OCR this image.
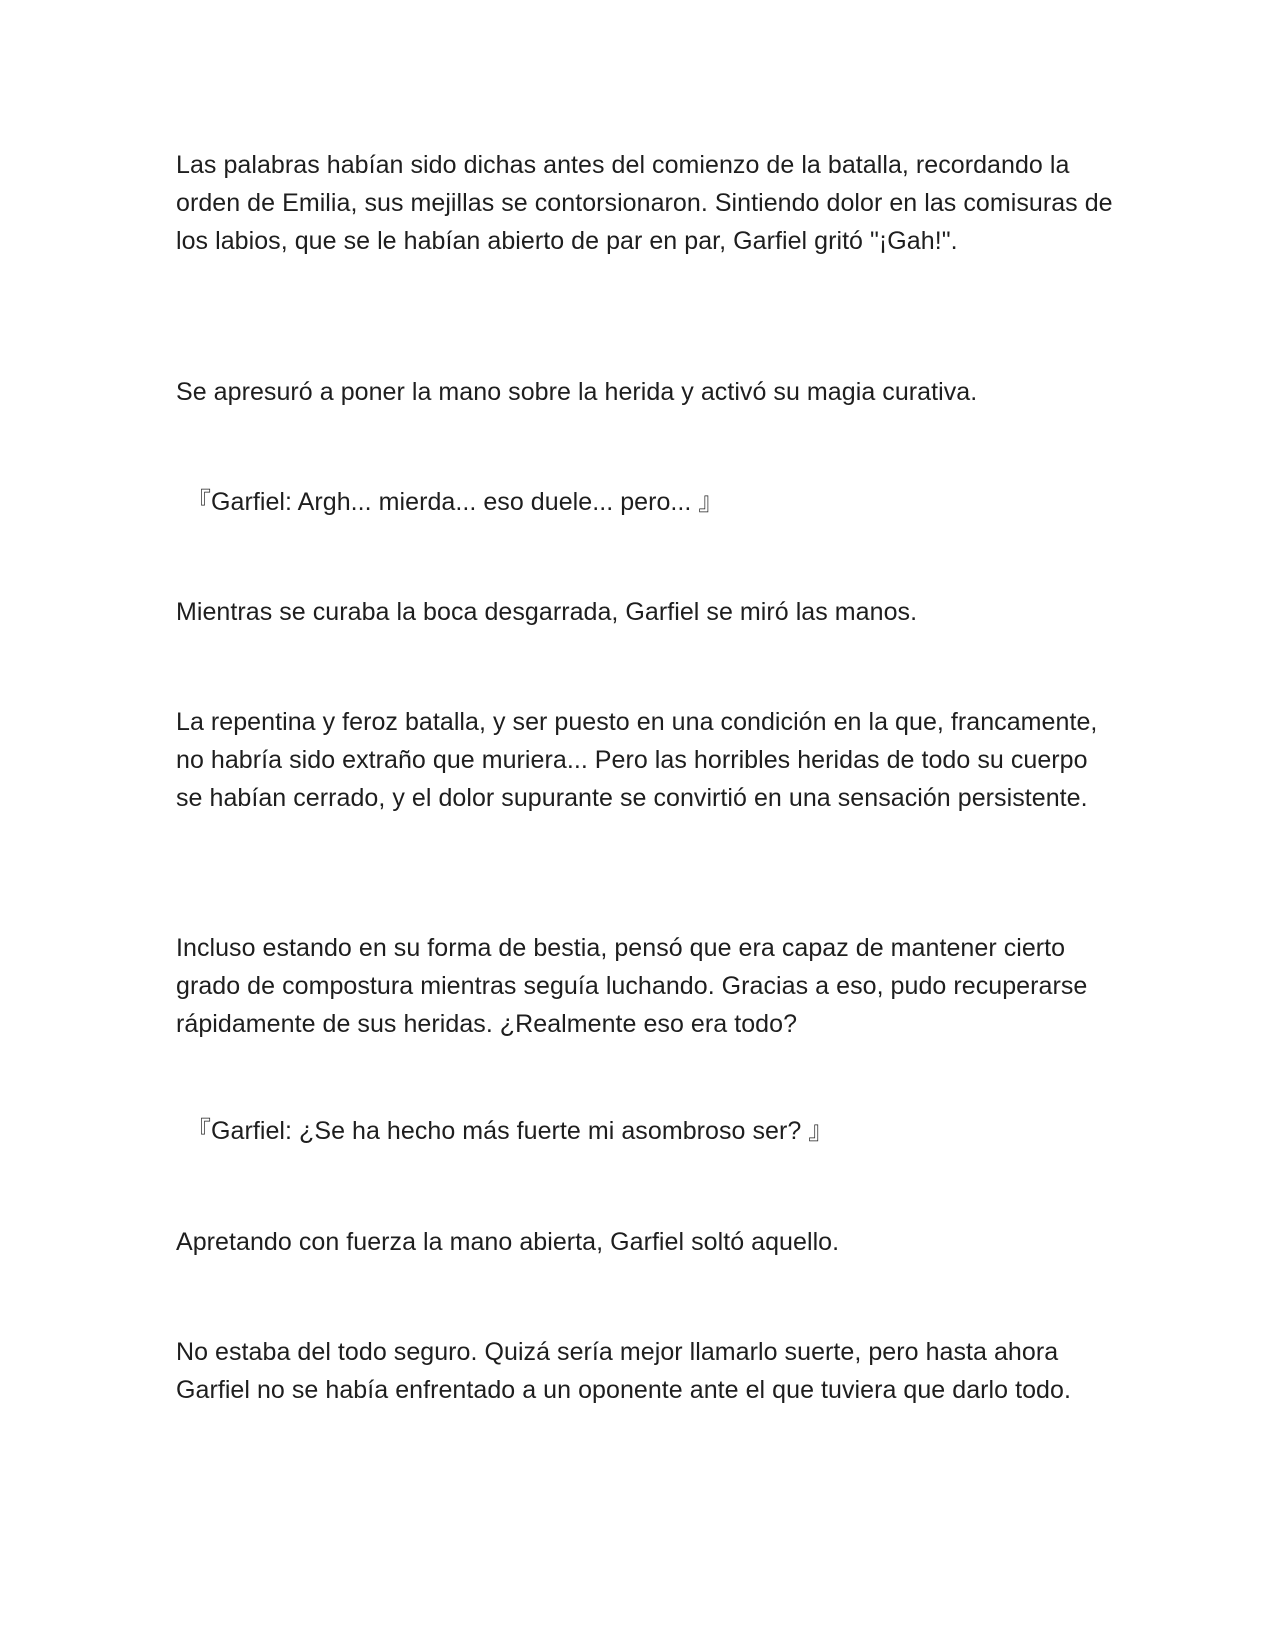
Las palabras habían sido dichas antes del comienzo de la batalla, recordando la orden de Emilia, sus mejillas se contorsionaron. Sintiendo dolor en las comisuras de los labios, que se le habían abierto de par en par, Garfiel gritó "¡Gah!".

Se apresuró a poner la mano sobre la herida y activó su magia curativa.

『Garfiel: Argh... mierda... eso duele... pero... 』

Mientras se curaba la boca desgarrada, Garfiel se miró las manos.

La repentina y feroz batalla, y ser puesto en una condición en la que, francamente, no habría sido extraño que muriera... Pero las horribles heridas de todo su cuerpo se habían cerrado, y el dolor supurante se convirtió en una sensación persistente.

Incluso estando en su forma de bestia, pensó que era capaz de mantener cierto grado de compostura mientras seguía luchando. Gracias a eso, pudo recuperarse rápidamente de sus heridas. ¿Realmente eso era todo?

『Garfiel: ¿Se ha hecho más fuerte mi asombroso ser? 』

Apretando con fuerza la mano abierta, Garfiel soltó aquello.

No estaba del todo seguro. Quizá sería mejor llamarlo suerte, pero hasta ahora Garfiel no se había enfrentado a un oponente ante el que tuviera que darlo todo.
